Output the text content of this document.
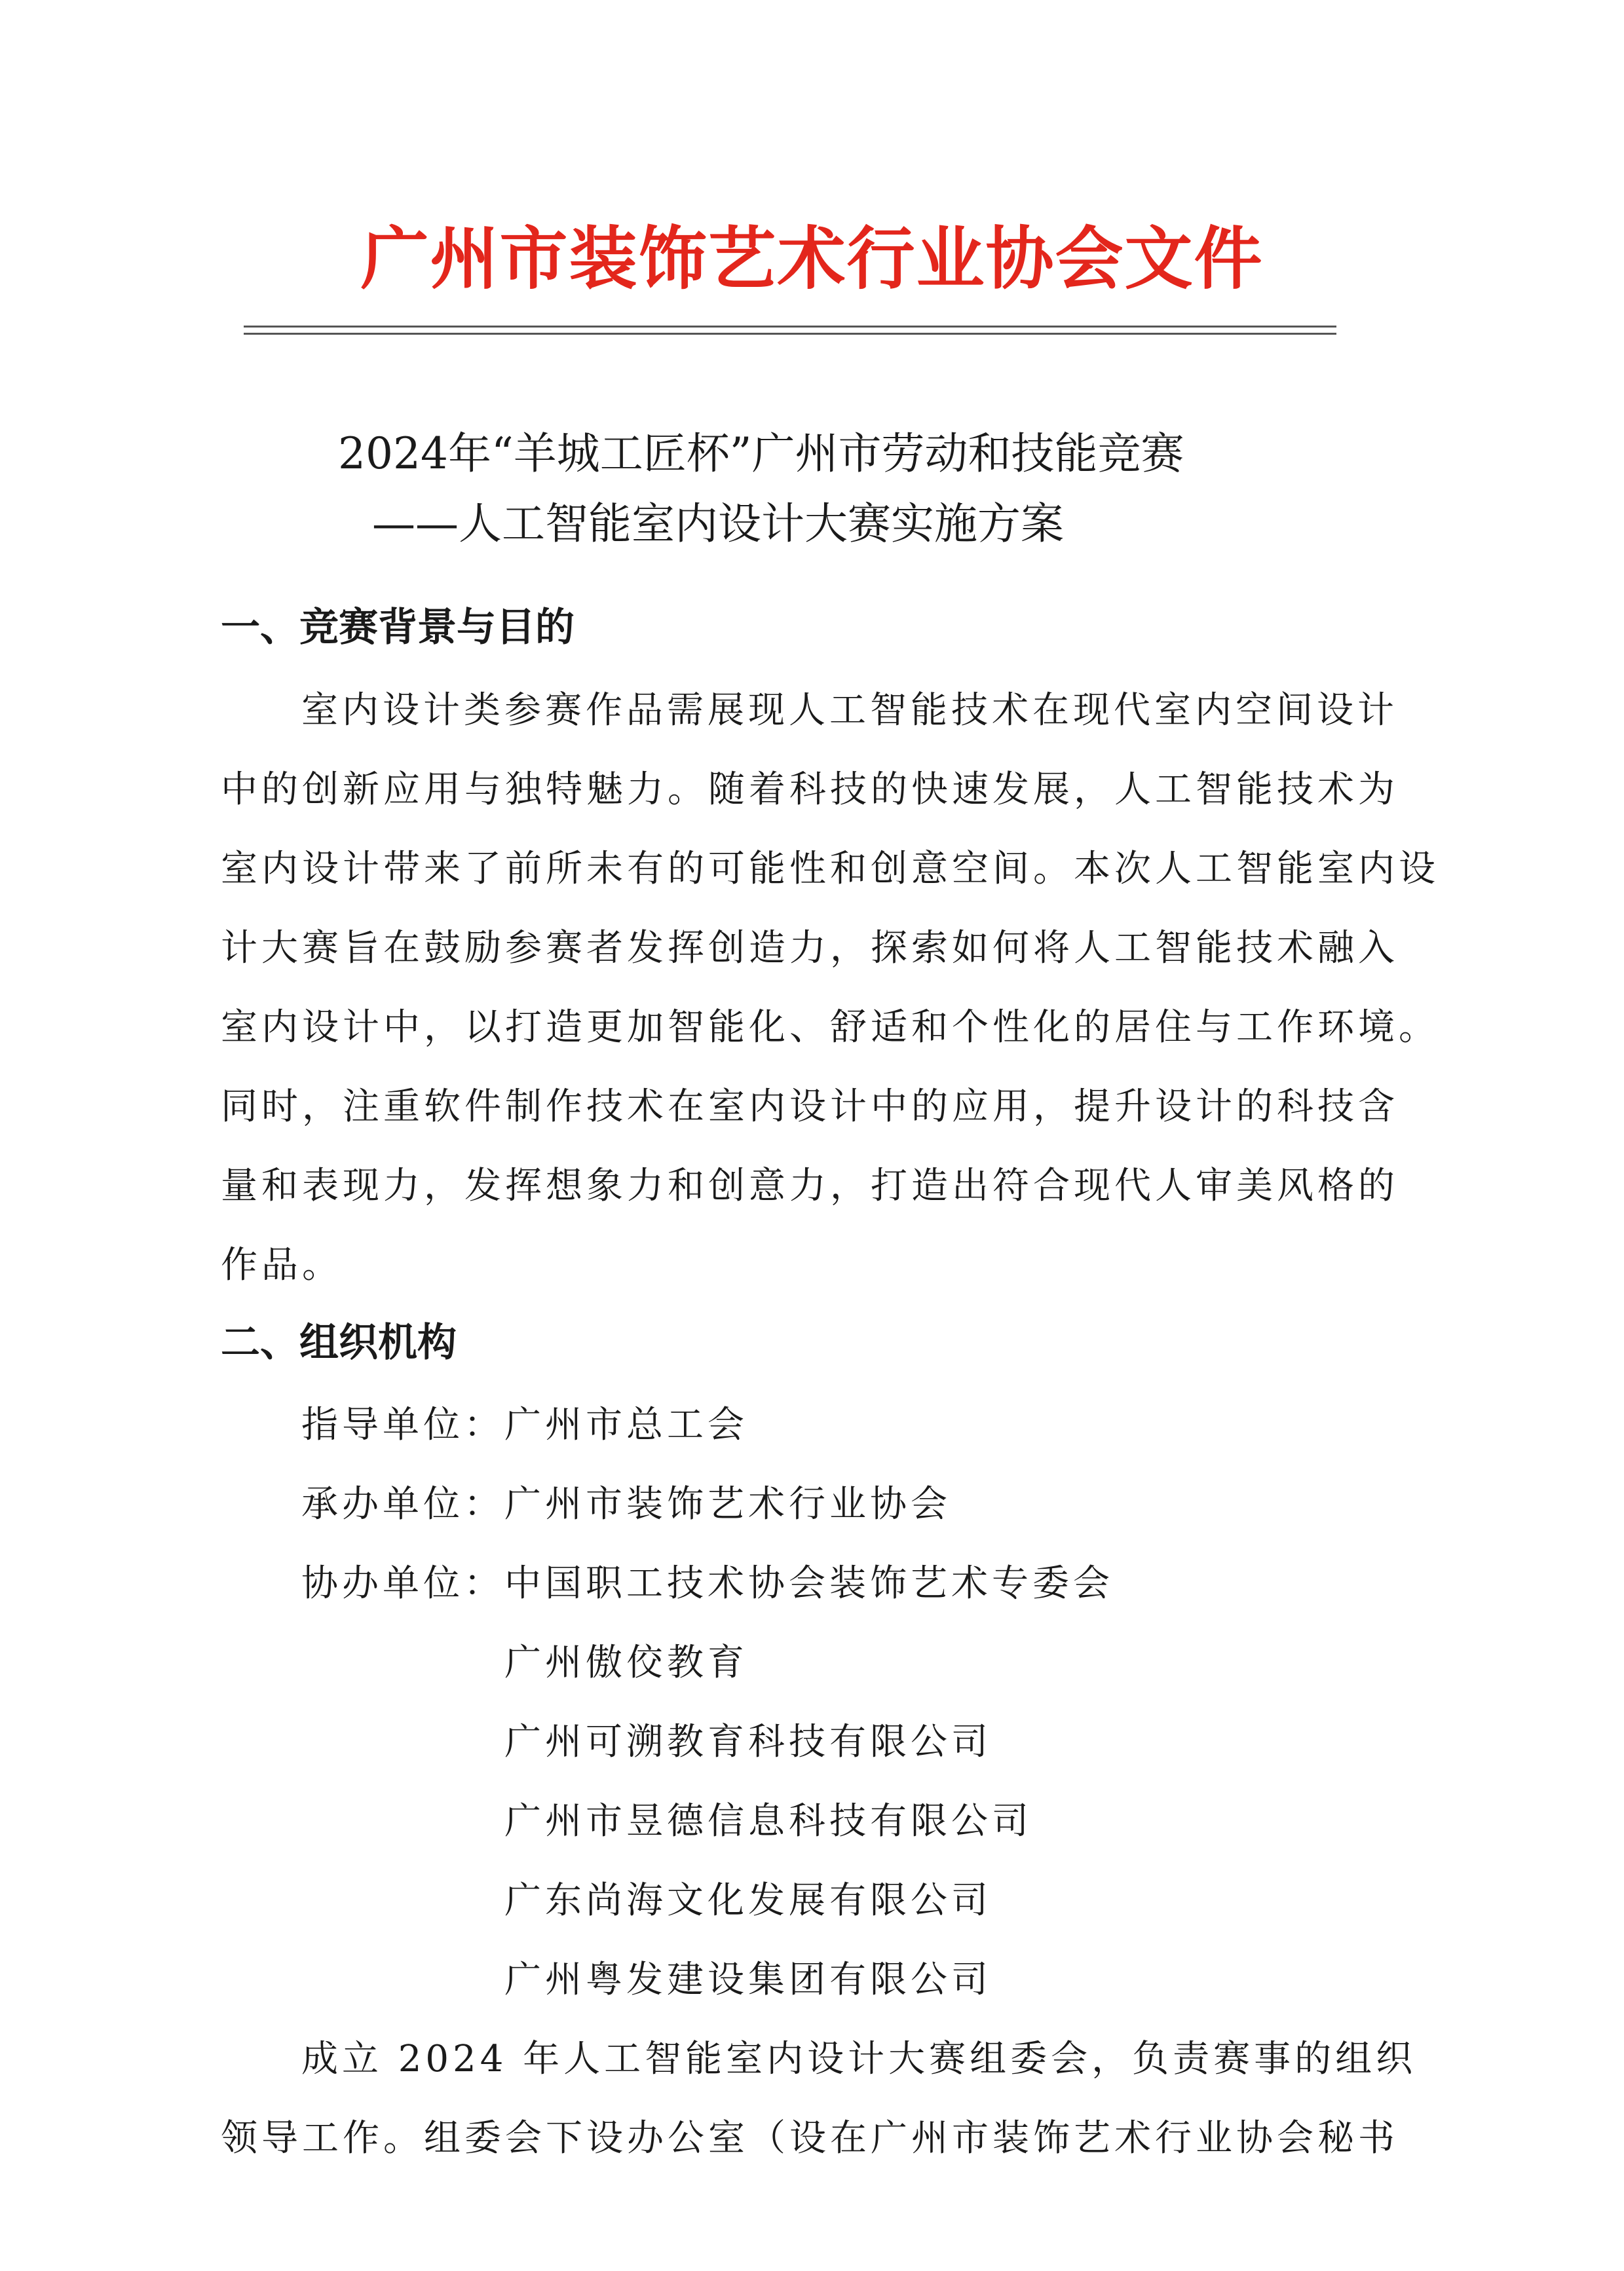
广州市装饰艺术行业协会文件
2024年“羊城工匠杯”广州市劳动和技能竞赛
——人工智能室内设计大赛实施方案
一、竞赛背景与目的
室内设计类参赛作品需展现人工智能技术在现代室内空间设计
中的创新应用与独特魅力。随着科技的快速发展，人工智能技术为
室内设计带来了前所未有的可能性和创意空间。本次人工智能室内设
计大赛旨在鼓励参赛者发挥创造力，探索如何将人工智能技术融入
室内设计中，以打造更加智能化、舒适和个性化的居住与工作环境。
同时，注重软件制作技术在室内设计中的应用，提升设计的科技含
量和表现力，发挥想象力和创意力，打造出符合现代人审美风格的
作品。
二、组织机构
指导单位：广州市总工会
承办单位：广州市装饰艺术行业协会
协办单位：中国职工技术协会装饰艺术专委会
广州傲佼教育
广州可溯教育科技有限公司
广州市昱德信息科技有限公司
广东尚海文化发展有限公司
广州粤发建设集团有限公司
成立 2024 年人工智能室内设计大赛组委会，负责赛事的组织
领导工作。组委会下设办公室（设在广州市装饰艺术行业协会秘书
